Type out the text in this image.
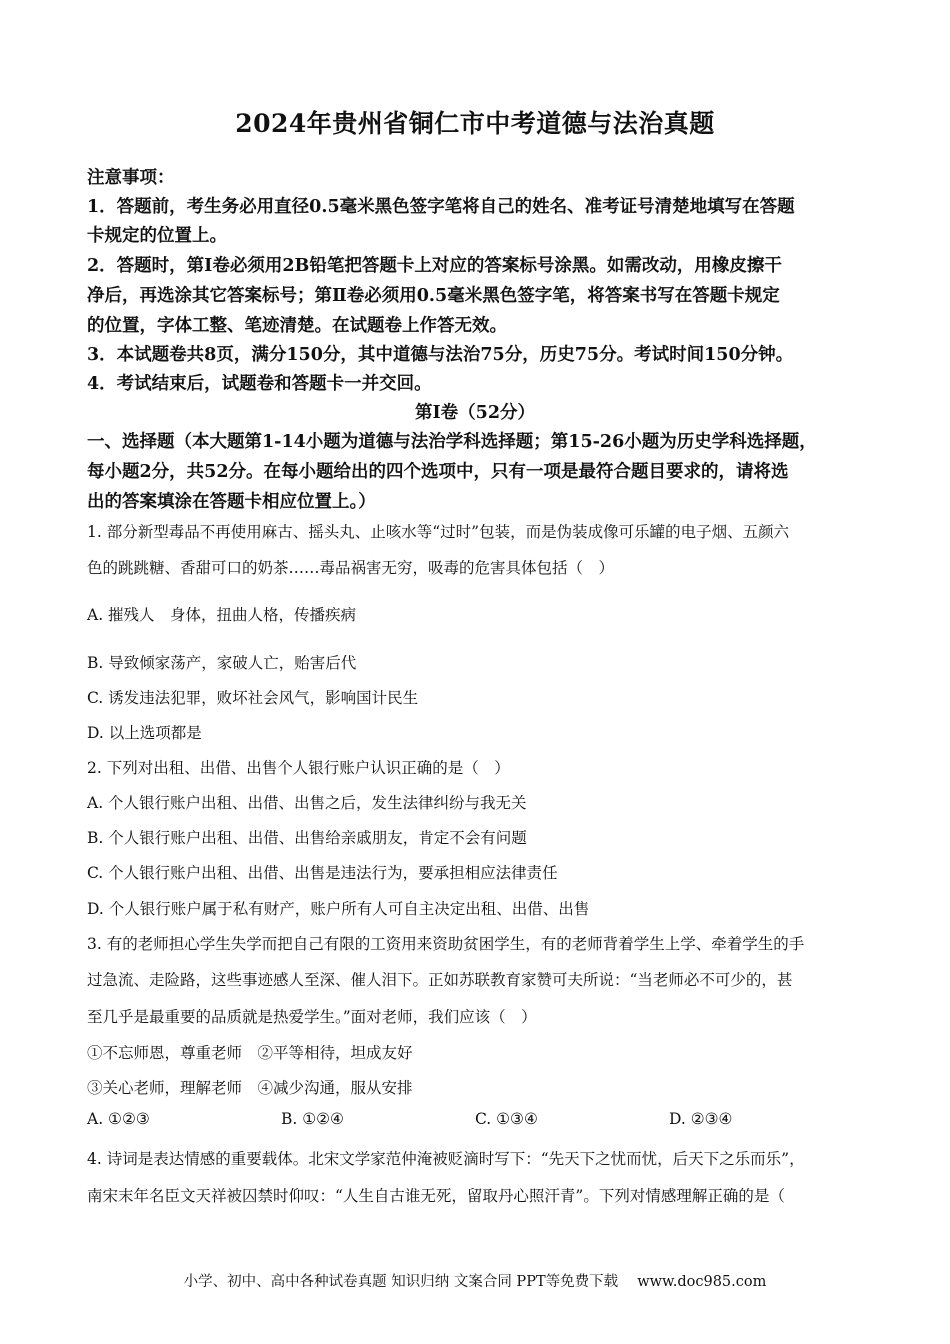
2024年贵州省铜仁市中考道德与法治真题
注意事项：
1．答题前，考生务必用直径0.5毫米黑色签字笔将自己的姓名、准考证号清楚地填写在答题
卡规定的位置上。
2．答题时，第Ⅰ卷必须用2B铅笔把答题卡上对应的答案标号涂黑。如需改动，用橡皮擦干
净后，再选涂其它答案标号；第Ⅱ卷必须用0.5毫米黑色签字笔，将答案书写在答题卡规定
的位置，字体工整、笔迹清楚。在试题卷上作答无效。
3．本试题卷共8页，满分150分，其中道德与法治75分，历史75分。考试时间150分钟。
4．考试结束后，试题卷和答题卡一并交回。
第Ⅰ卷（52分）
一、选择题（本大题第1-14小题为道德与法治学科选择题；第15-26小题为历史学科选择题，
每小题2分，共52分。在每小题给出的四个选项中，只有一项是最符合题目要求的，请将选
出的答案填涂在答题卡相应位置上。）
1. 部分新型毒品不再使用麻古、摇头丸、止咳水等“过时”包装，而是伪装成像可乐罐的电子烟、五颜六
色的跳跳糖、香甜可口的奶茶……毒品祸害无穷，吸毒的危害具体包括（　）
A. 摧残人　身体，扭曲人格，传播疾病
B. 导致倾家荡产，家破人亡，贻害后代
C. 诱发违法犯罪，败坏社会风气，影响国计民生
D. 以上选项都是
2. 下列对出租、出借、出售个人银行账户认识正确的是（　）
A. 个人银行账户出租、出借、出售之后，发生法律纠纷与我无关
B. 个人银行账户出租、出借、出售给亲戚朋友，肯定不会有问题
C. 个人银行账户出租、出借、出售是违法行为，要承担相应法律责任
D. 个人银行账户属于私有财产，账户所有人可自主决定出租、出借、出售
3. 有的老师担心学生失学而把自己有限的工资用来资助贫困学生，有的老师背着学生上学、牵着学生的手
过急流、走险路，这些事迹感人至深、催人泪下。正如苏联教育家赞可夫所说：“当老师必不可少的，甚
至几乎是最重要的品质就是热爱学生。”面对老师，我们应该（　）
①不忘师恩，尊重老师　②平等相待，坦成友好
③关心老师，理解老师　④减少沟通，服从安排
A. ①②③	B. ①②④	C. ①③④	D. ②③④
4. 诗词是表达情感的重要载体。北宋文学家范仲淹被贬滴时写下：“先天下之忧而忧，后天下之乐而乐”，
南宋末年名臣文天祥被囚禁时仰叹：“人生自古谁无死，留取丹心照汗青”。下列对情感理解正确的是（
小学、初中、高中各种试卷真题 知识归纳 文案合同 PPT等免费下载　 www.doc985.com
